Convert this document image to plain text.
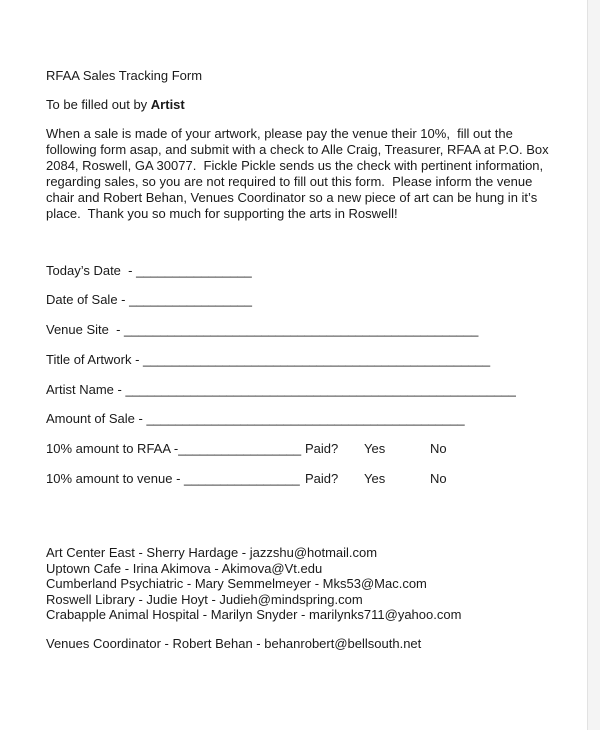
RFAA Sales Tracking Form
To be filled out by Artist
When a sale is made of your artwork, please pay the venue their 10%,  fill out the
following form asap, and submit with a check to Alle Craig, Treasurer, RFAA at P.O. Box
2084, Roswell, GA 30077.  Fickle Pickle sends us the check with pertinent information,
regarding sales, so you are not required to fill out this form.  Please inform the venue
chair and Robert Behan, Venues Coordinator so a new piece of art can be hung in it’s
place.  Thank you so much for supporting the arts in Roswell!
Today’s Date  - ________________
Date of Sale - _________________
Venue Site  - _________________________________________________
Title of Artwork - ________________________________________________
Artist Name - ______________________________________________________
Amount of Sale - ____________________________________________
10% amount to RFAA -_________________ Paid? Yes	No
10% amount to venue - ________________ Paid? Yes	No
Art Center East - Sherry Hardage - jazzshu@hotmail.com
Uptown Cafe - Irina Akimova - Akimova@Vt.edu
Cumberland Psychiatric - Mary Semmelmeyer - Mks53@Mac.com
Roswell Library - Judie Hoyt - Judieh@mindspring.com
Crabapple Animal Hospital - Marilyn Snyder - marilynks711@yahoo.com
Venues Coordinator - Robert Behan - behanrobert@bellsouth.net
